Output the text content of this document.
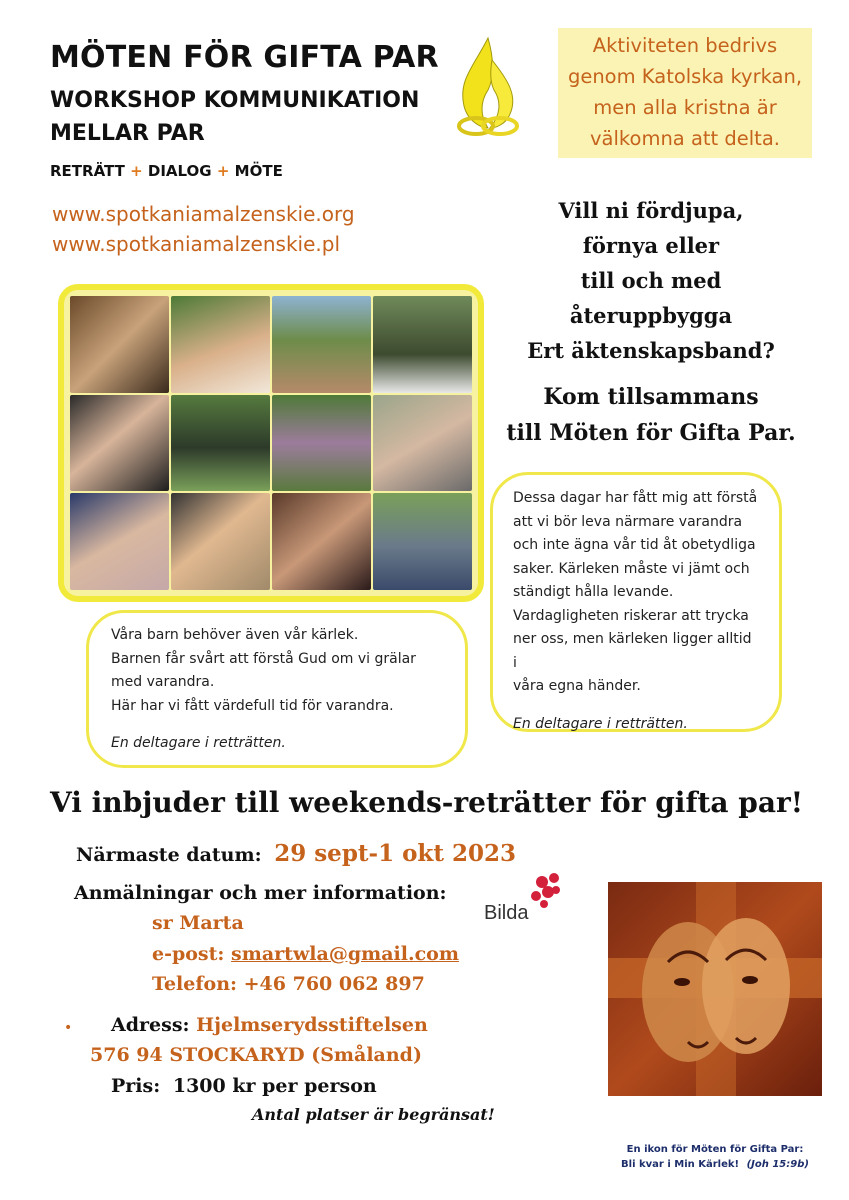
MÖTEN FÖR GIFTA PAR
WORKSHOP KOMMUNIKATION
MELLAR PAR
RETRÄTT + DIALOG + MÖTE
www.spotkaniamalzenskie.org
www.spotkaniamalzenskie.pl
Aktiviteten bedrivs
genom Katolska kyrkan,
men alla kristna är
välkomna att delta.
Vill ni fördjupa,
förnya eller
till och med
återuppbygga
Ert äktenskapsband?
Kom tillsammans
till Möten för Gifta Par.
Våra barn behöver även vår kärlek.
Barnen får svårt att förstå Gud om vi grälar
med varandra.
Här har vi fått värdefull tid för varandra.
En deltagare i retträtten.
Dessa dagar har fått mig att förstå
att vi bör leva närmare varandra
och inte ägna vår tid åt obetydliga
saker. Kärleken måste vi jämt och
ständigt hålla levande.
Vardagligheten riskerar att trycka
ner oss, men kärleken ligger alltid i
våra egna händer.
En deltagare i retträtten.
Vi inbjuder till weekends-reträtter för gifta par!
Närmaste datum: 29 sept-1 okt 2023
Anmälningar och mer information:
sr Marta
e-post: smartwla@gmail.com
Telefon: +46 760 062 897
• Adress: Hjelmserydsstiftelsen
576 94 STOCKARYD (Småland)
Pris: 1300 kr per person
Antal platser är begränsat!
Bilda
En ikon för Möten för Gifta Par:
Bli kvar i Min Kärlek! (Joh 15:9b)
